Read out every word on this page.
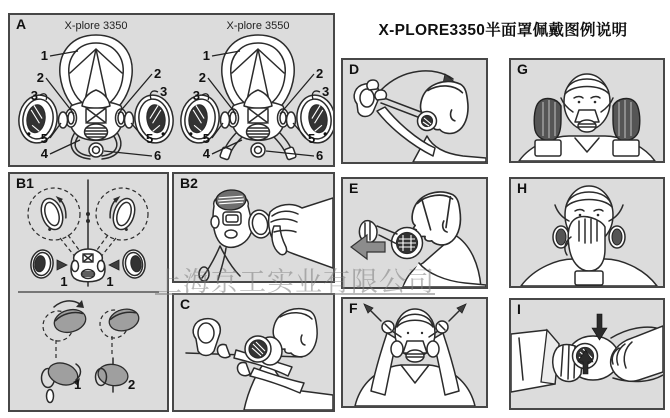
X-PLORE3350半面罩佩戴图例说明
A	X-plore 3350	X-plore 3550
1
2
3
2
3
5
4
5
6
1
2
3
2
3
5
4
5
6
B1
1	1
1	2
B2
C
D	G
E	H
F	I
上海京工实业有限公司
